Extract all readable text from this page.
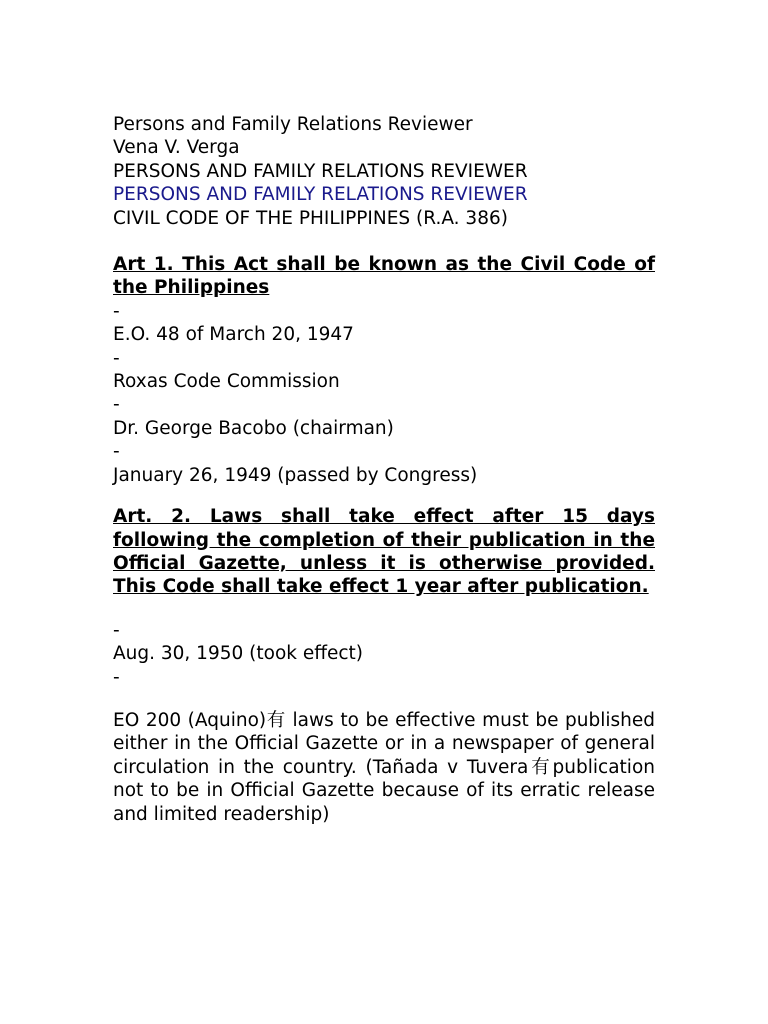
Persons and Family Relations Reviewer
Vena V. Verga
PERSONS AND FAMILY RELATIONS REVIEWER
PERSONS AND FAMILY RELATIONS REVIEWER
CIVIL CODE OF THE PHILIPPINES (R.A. 386)
Art 1. This Act shall be known as the Civil Code of the Philippines
-
E.O. 48 of March 20, 1947
-
Roxas Code Commission
-
Dr. George Bacobo (chairman)
-
January 26, 1949 (passed by Congress)
Art. 2. Laws shall take effect after 15 days following the completion of their publication in the Official Gazette, unless it is otherwise provided. This Code shall take effect 1 year after publication.
-
Aug. 30, 1950 (took effect)
-
EO 200 (Aquino)有 laws to be effective must be published either in the Official Gazette or in a newspaper of general circulation in the country. (Tañada v Tuvera有publication not to be in Official Gazette because of its erratic release and limited readership)
